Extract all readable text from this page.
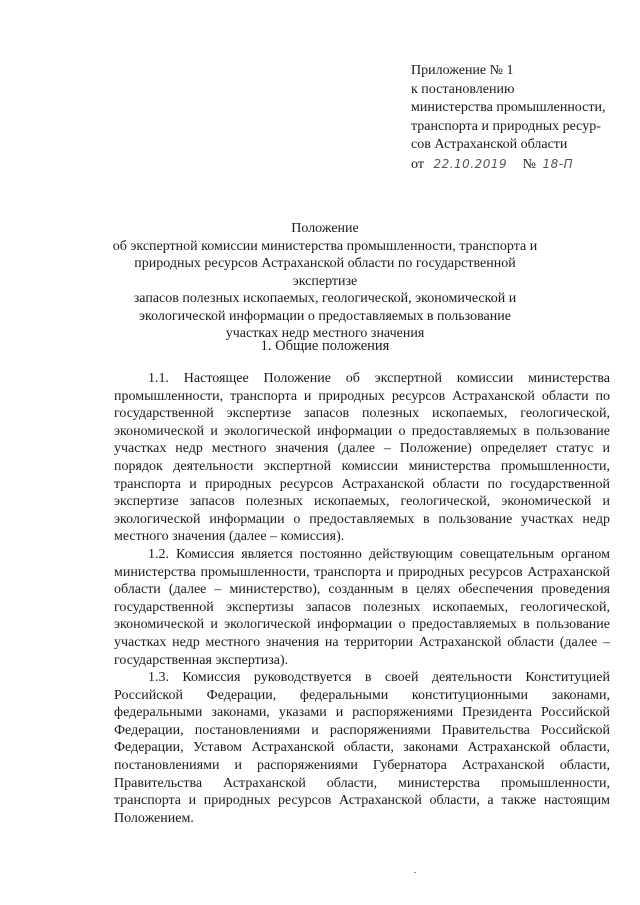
Приложение № 1
к постановлению
министерства промышленности,
транспорта и природных ресур-
сов Астраханской области
от 22.10.2019 № 18-П
Положение
об экспертной комиссии министерства промышленности, транспорта и
природных ресурсов Астраханской области по государственной экспертизе
запасов полезных ископаемых, геологической, экономической и
экологической информации о предоставляемых в пользование
участках недр местного значения
1. Общие положения

1.1. Настоящее Положение об экспертной комиссии министерства промышленности, транспорта и природных ресурсов Астраханской области по государственной экспертизе запасов полезных ископаемых, геологической, экономической и экологической информации о предоставляемых в пользование участках недр местного значения (далее – Положение) определяет статус и порядок деятельности экспертной комиссии министерства промышленности, транспорта и природных ресурсов Астраханской области по государственной экспертизе запасов полезных ископаемых, геологической, экономической и экологической информации о предоставляемых в пользование участках недр местного значения (далее – комиссия).

1.2. Комиссия является постоянно действующим совещательным органом министерства промышленности, транспорта и природных ресурсов Астраханской области (далее – министерство), созданным в целях обеспечения проведения государственной экспертизы запасов полезных ископаемых, геологической, экономической и экологической информации о предоставляемых в пользование участках недр местного значения на территории Астраханской области (далее – государственная экспертиза).

1.3. Комиссия руководствуется в своей деятельности Конституцией Российской Федерации, федеральными конституционными законами, федеральными законами, указами и распоряжениями Президента Российской Федерации, постановлениями и распоряжениями Правительства Российской Федерации, Уставом Астраханской области, законами Астраханской области, постановлениями и распоряжениями Губернатора Астраханской области, Правительства Астраханской области, министерства промышленности, транспорта и природных ресурсов Астраханской области, а также настоящим Положением.
